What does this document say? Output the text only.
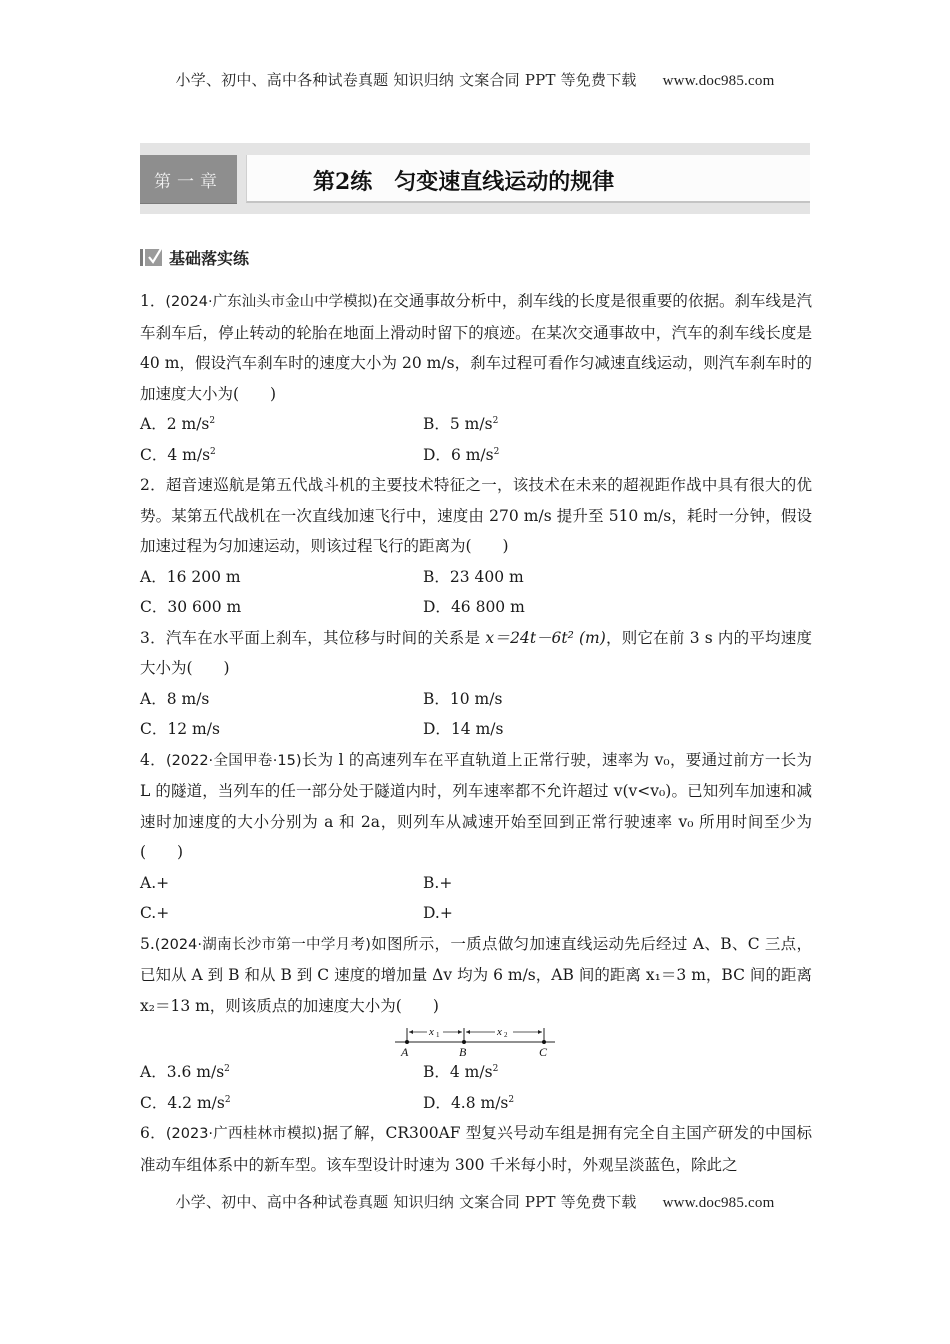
小学、初中、高中各种试卷真题 知识归纳 文案合同 PPT 等免费下载 www.doc985.com
第一章	第2练　匀变速直线运动的规律
基础落实练
1．(2024·广东汕头市金山中学模拟)在交通事故分析中，刹车线的长度是很重要的依据。刹车线是汽车刹车后，停止转动的轮胎在地面上滑动时留下的痕迹。在某次交通事故中，汽车的刹车线长度是 40 m，假设汽车刹车时的速度大小为 20 m/s，刹车过程可看作匀减速直线运动，则汽车刹车时的加速度大小为(　　)
A．2 $m/s^2$	B．5 $m/s^2$
C．4 $m/s^2$	D．6 $m/s^2$
2．超音速巡航是第五代战斗机的主要技术特征之一，该技术在未来的超视距作战中具有很大的优势。某第五代战机在一次直线加速飞行中，速度由 270 m/s 提升至 510 m/s，耗时一分钟，假设加速过程为匀加速运动，则该过程飞行的距离为(　　)
A．16 200 m	B．23 400 m
C．30 600 m	D．46 800 m
3．汽车在水平面上刹车，其位移与时间的关系是 x＝24t－6t² (m)，则它在前 3 s 内的平均速度大小为(　　)
A．8 m/s	B．10 m/s
C．12 m/s	D．14 m/s
4．(2022·全国甲卷·15)长为 l 的高速列车在平直轨道上正常行驶，速率为 v₀，要通过前方一长为 L 的隧道，当列车的任一部分处于隧道内时，列车速率都不允许超过 v(v<v₀)。已知列车加速和减速时加速度的大小分别为 a 和 2a，则列车从减速开始至回到正常行驶速率 v₀ 所用时间至少为(　　)
A.+	B.+
C.+	D.+
5.(2024·湖南长沙市第一中学月考)如图所示，一质点做匀加速直线运动先后经过 A、B、C 三点，已知从 A 到 B 和从 B 到 C 速度的增加量 Δv 均为 6 m/s，AB 间的距离 x₁＝3 m，BC 间的距离 x₂＝13 m，则该质点的加速度大小为(　　)
x 1	x 2
A	B	C
A．3.6 $m/s^2$	B．4 $m/s^2$
C．4.2 $m/s^2$	D．4.8 $m/s^2$
6．(2023·广西桂林市模拟)据了解，CR300AF 型复兴号动车组是拥有完全自主国产研发的中国标准动车组体系中的新车型。该车型设计时速为 300 千米每小时，外观呈淡蓝色，除此之
小学、初中、高中各种试卷真题 知识归纳 文案合同 PPT 等免费下载 www.doc985.com
